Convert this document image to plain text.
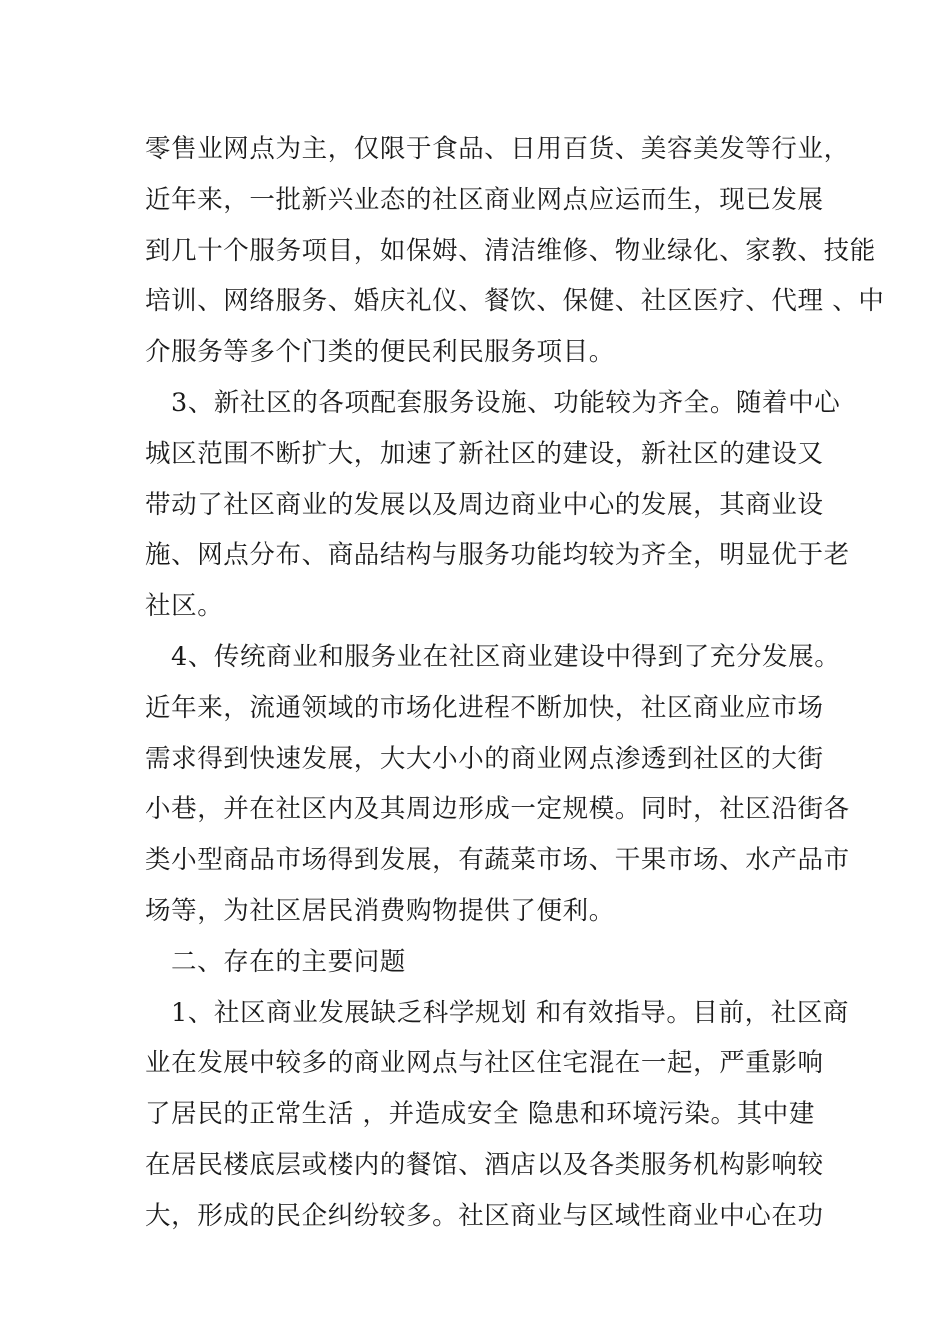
零售业网点为主，仅限于食品、日用百货、美容美发等行业，
近年来，一批新兴业态的社区商业网点应运而生，现已发展
到几十个服务项目，如保姆、清洁维修、物业绿化、家教、技能
培训、网络服务、婚庆礼仪、餐饮、保健、社区医疗、代理 、中
介服务等多个门类的便民利民服务项目。
3、新社区的各项配套服务设施、功能较为齐全。随着中心
城区范围不断扩大，加速了新社区的建设，新社区的建设又
带动了社区商业的发展以及周边商业中心的发展，其商业设
施、网点分布、商品结构与服务功能均较为齐全，明显优于老
社区。
4、传统商业和服务业在社区商业建设中得到了充分发展。
近年来，流通领域的市场化进程不断加快，社区商业应市场
需求得到快速发展，大大小小的商业网点渗透到社区的大街
小巷，并在社区内及其周边形成一定规模。同时，社区沿街各
类小型商品市场得到发展，有蔬菜市场、干果市场、水产品市
场等，为社区居民消费购物提供了便利。
二、存在的主要问题
1、社区商业发展缺乏科学规划 和有效指导。目前，社区商
业在发展中较多的商业网点与社区住宅混在一起，严重影响
了居民的正常生活 ，并造成安全 隐患和环境污染。其中建
在居民楼底层或楼内的餐馆、酒店以及各类服务机构影响较
大，形成的民企纠纷较多。社区商业与区域性商业中心在功
